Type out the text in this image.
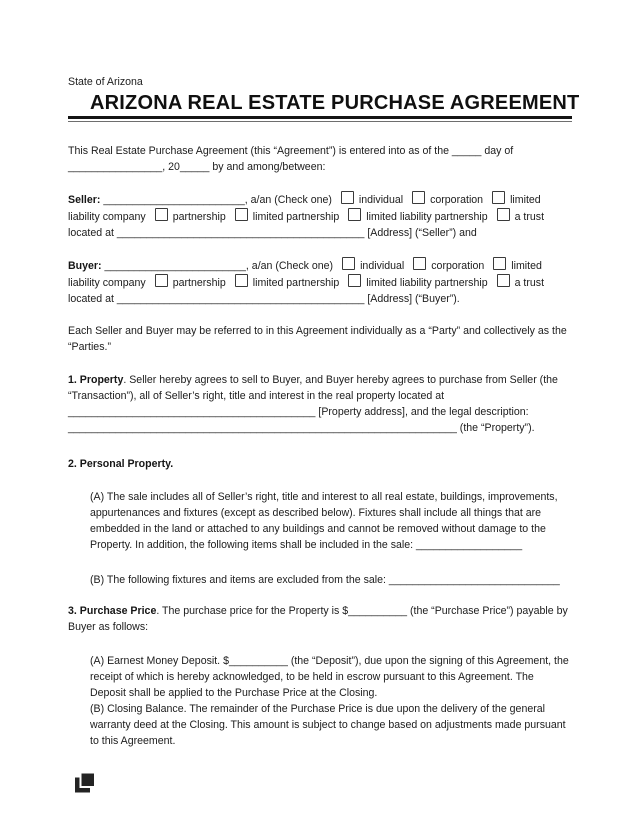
State of Arizona
ARIZONA REAL ESTATE PURCHASE AGREEMENT

This Real Estate Purchase Agreement (this “Agreement”) is entered into as of the _____ day of ________________, 20_____ by and among/between:

Seller: ________________________, a/an (Check one)	individual	corporation	limited liability company	partnership	limited partnership	limited liability partnership	a trust located at __________________________________________ [Address] (“Seller”) and

Buyer: ________________________, a/an (Check one)	individual	corporation	limited liability company	partnership	limited partnership	limited liability partnership	a trust located at __________________________________________ [Address] (“Buyer”).

Each Seller and Buyer may be referred to in this Agreement individually as a “Party” and collectively as the “Parties.”

1. Property. Seller hereby agrees to sell to Buyer, and Buyer hereby agrees to purchase from Seller (the “Transaction”), all of Seller’s right, title and interest in the real property located at __________________________________________ [Property address], and the legal description: __________________________________________________________________ (the “Property”).

2. Personal Property.

(A) The sale includes all of Seller’s right, title and interest to all real estate, buildings, improvements, appurtenances and fixtures (except as described below). Fixtures shall include all things that are embedded in the land or attached to any buildings and cannot be removed without damage to the Property. In addition, the following items shall be included in the sale: __________________

(B) The following fixtures and items are excluded from the sale: _____________________________

3. Purchase Price. The purchase price for the Property is $__________ (the “Purchase Price”) payable by Buyer as follows:

(A) Earnest Money Deposit. $__________ (the “Deposit”), due upon the signing of this Agreement, the receipt of which is hereby acknowledged, to be held in escrow pursuant to this Agreement. The Deposit shall be applied to the Purchase Price at the Closing.

(B) Closing Balance. The remainder of the Purchase Price is due upon the delivery of the general warranty deed at the Closing. This amount is subject to change based on adjustments made pursuant to this Agreement.
